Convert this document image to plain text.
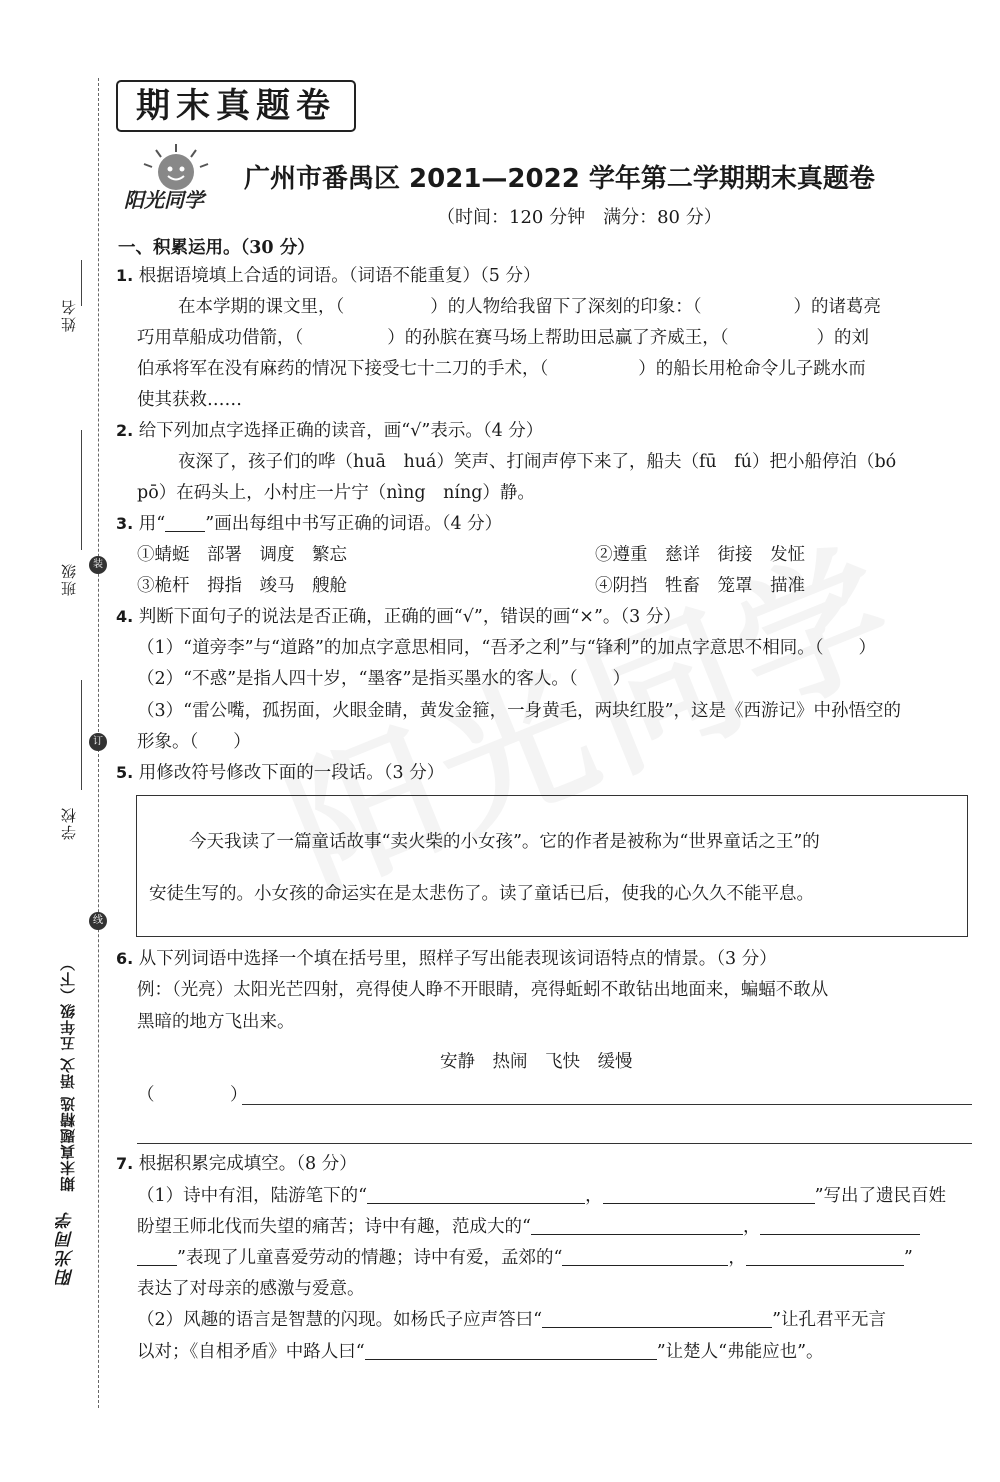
姓名
班级	装
学校
订
线
期末真题精选 语文 五年级（下）
阳光同学
期末真题卷
阳光同学
广州市番禺区 2021—2022 学年第二学期期末真题卷
（时间：120 分钟　满分：80 分）
一、积累运用。（30 分）
1. 根据语境填上合适的词语。（词语不能重复）（5 分）
在本学期的课文里，（	）的人物给我留下了深刻的印象：（	）的诸葛亮
巧用草船成功借箭，（	）的孙膑在赛马场上帮助田忌赢了齐威王，（	）的刘
伯承将军在没有麻药的情况下接受七十二刀的手术，（	）的船长用枪命令儿子跳水而
使其获救……
2. 给下列加点字选择正确的读音，画“√”表示。（4 分）
夜深了，孩子们的哗（huā　huá）笑声、打闹声停下来了，船夫（fū　fú）把小船停泊（bó
pō）在码头上，小村庄一片宁（nìng　níng）静。
3. 用“ ”画出每组中书写正确的词语。（4 分）
①蜻蜓　部署　调度　繁忘	②遵重　慈详　街接　发怔
③桅杆　拇指　竣马　艘舱	④阴挡　牲畜　笼罩　描准
4. 判断下面句子的说法是否正确，正确的画“√”，错误的画“×”。（3 分）
（1）“道旁李”与“道路”的加点字意思相同，“吾矛之利”与“锋利”的加点字意思不相同。（　　）
（2）“不惑”是指人四十岁，“墨客”是指买墨水的客人。（　　）
（3）“雷公嘴，孤拐面，火眼金睛，黄发金箍，一身黄毛，两块红股”，这是《西游记》中孙悟空的
形象。（　　）
5. 用修改符号修改下面的一段话。（3 分）
今天我读了一篇童话故事“卖火柴的小女孩”。它的作者是被称为“世界童话之王”的
安徒生写的。小女孩的命运实在是太悲伤了。读了童话已后，使我的心久久不能平息。
6. 从下列词语中选择一个填在括号里，照样子写出能表现该词语特点的情景。（3 分）
例：（光亮）太阳光芒四射，亮得使人睁不开眼睛，亮得蚯蚓不敢钻出地面来，蝙蝠不敢从
黑暗的地方飞出来。
安静　热闹　飞快　缓慢
（	）
7. 根据积累完成填空。（8 分）
（1）诗中有泪，陆游笔下的“	，	”写出了遗民百姓
盼望王师北伐而失望的痛苦；诗中有趣，范成大的“	，
”表现了儿童喜爱劳动的情趣；诗中有爱，孟郊的“	，	”
表达了对母亲的感激与爱意。
（2）风趣的语言是智慧的闪现。如杨氏子应声答曰“	”让孔君平无言
以对；《自相矛盾》中路人曰“	”让楚人“弗能应也”。
